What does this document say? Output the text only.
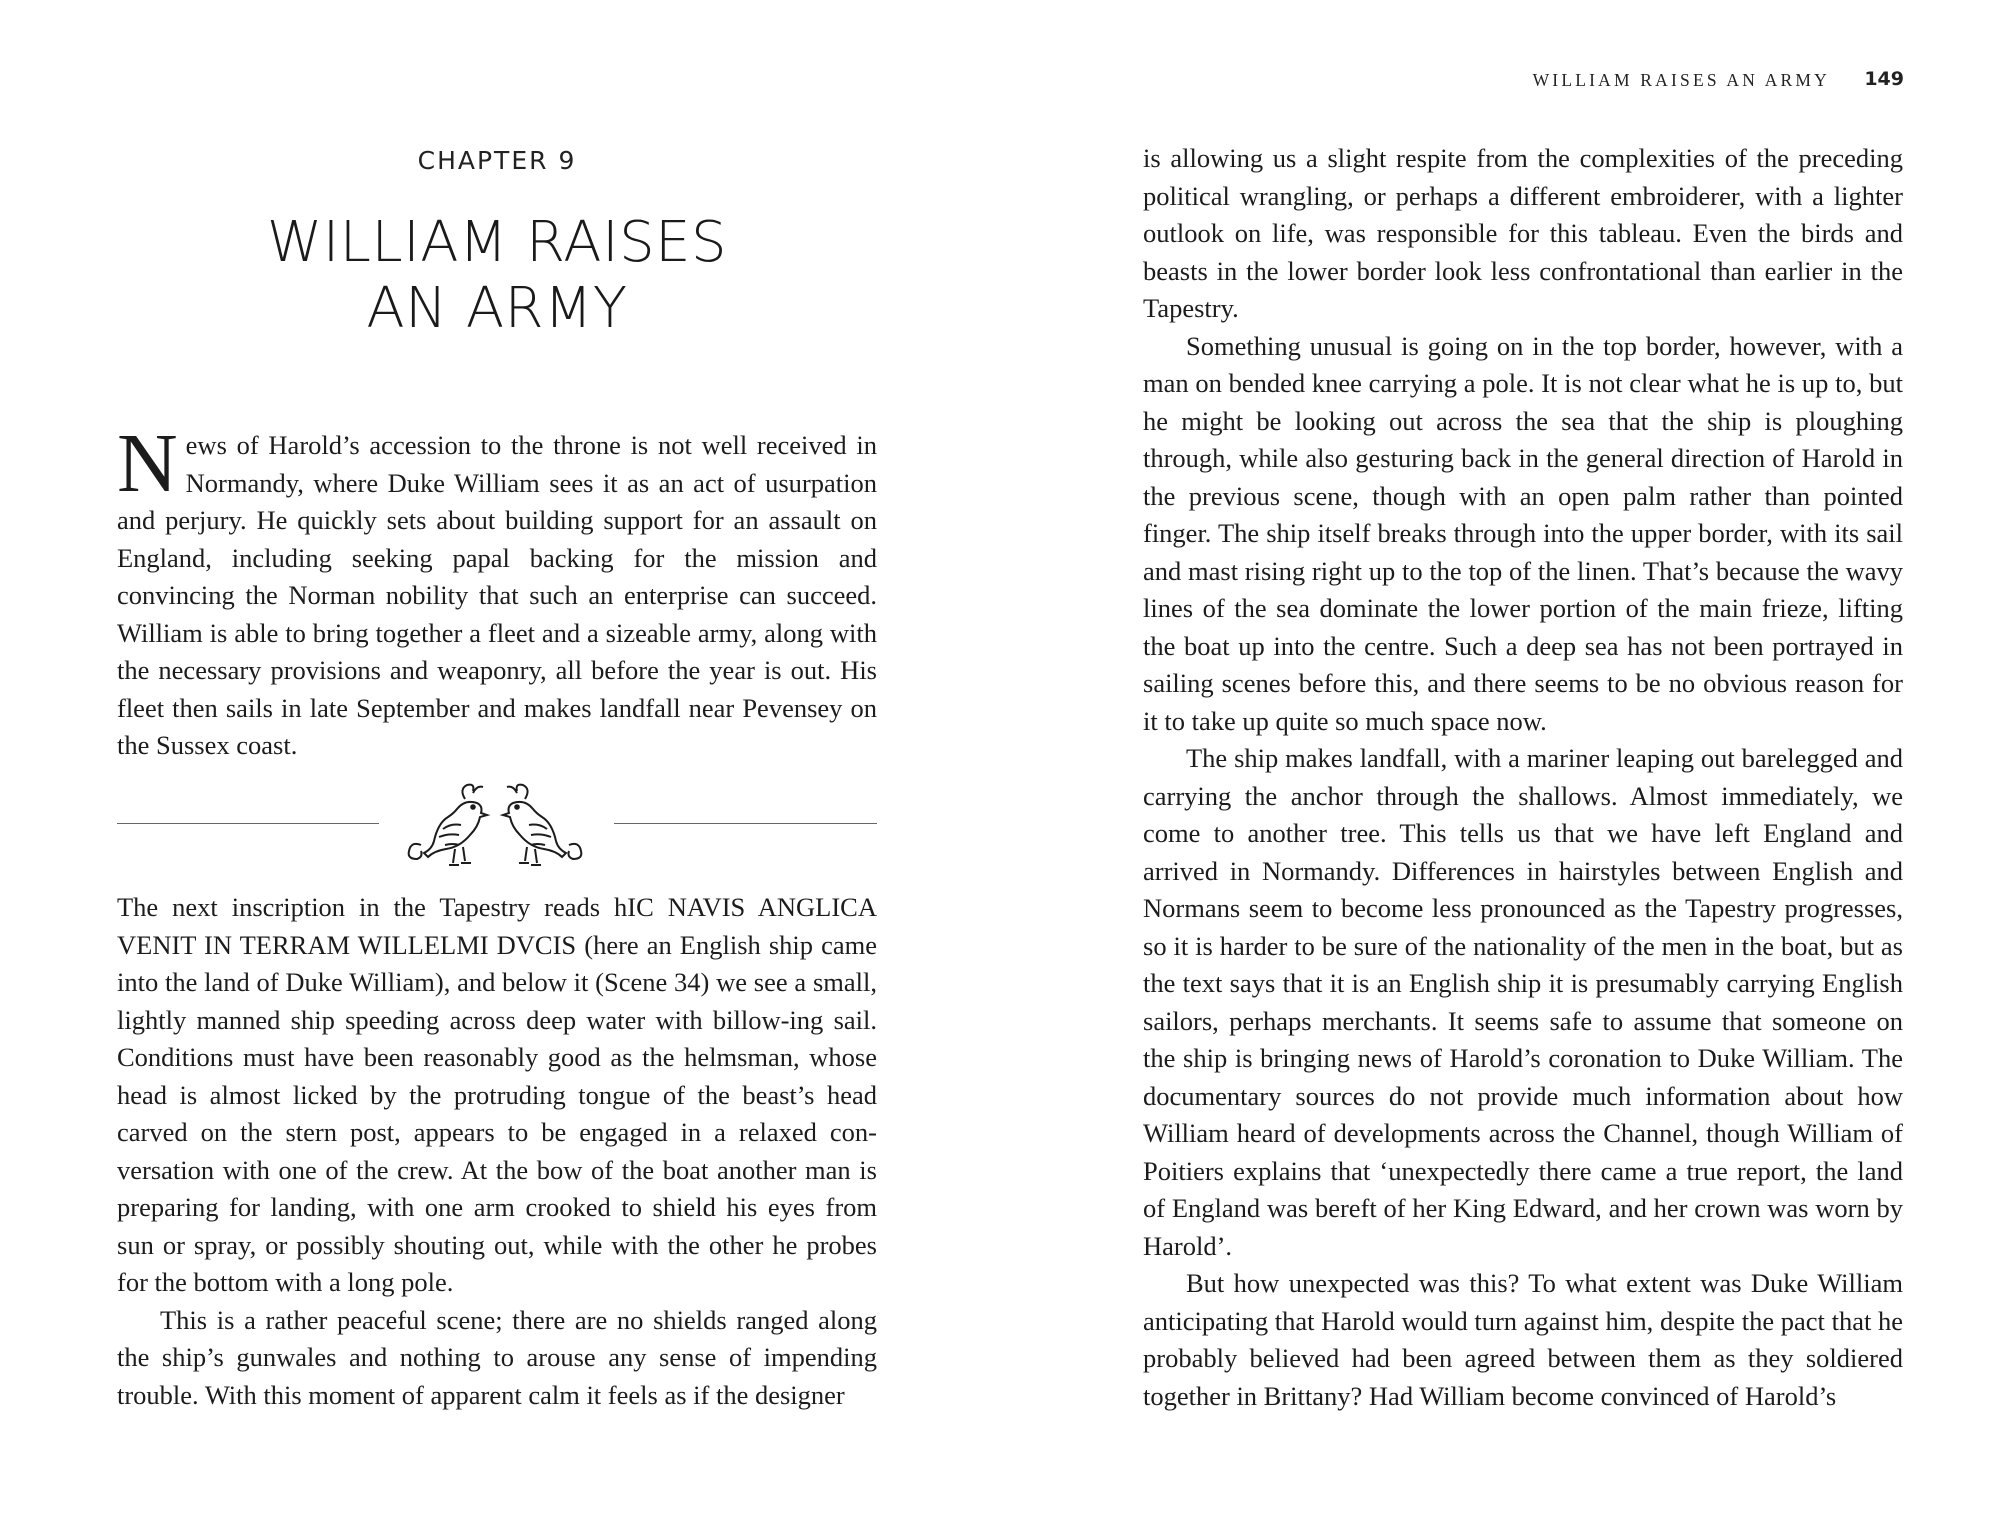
CHAPTER 9
WILLIAM RAISES
AN ARMY

News of Harold’s accession to the throne is not well received in Normandy, where Duke William sees it as an act of usurpation and perjury. He quickly sets about building support for an assault on England, including seeking papal backing for the mission and convincing the Norman nobility that such an enterprise can succeed. William is able to bring together a fleet and a sizeable army, along with the necessary provisions and weaponry, all before the year is out. His fleet then sails in late September and makes landfall near Pevensey on the Sussex coast.

The next inscription in the Tapestry reads hIC NAVIS ANGLICA VENIT IN TERRAM WILLELMI DVCIS (here an English ship came into the land of Duke William), and below it (Scene 34) we see a small, lightly manned ship speeding across deep water with billow-ing sail. Conditions must have been reasonably good as the helmsman, whose head is almost licked by the protruding tongue of the beast’s head carved on the stern post, appears to be engaged in a relaxed con-versation with one of the crew. At the bow of the boat another man is preparing for landing, with one arm crooked to shield his eyes from sun or spray, or possibly shouting out, while with the other he probes for the bottom with a long pole.

This is a rather peaceful scene; there are no shields ranged along the ship’s gunwales and nothing to arouse any sense of impending trouble. With this moment of apparent calm it feels as if the designer

WILLIAM RAISES AN ARMY	149

is allowing us a slight respite from the complexities of the preceding political wrangling, or perhaps a different embroiderer, with a lighter outlook on life, was responsible for this tableau. Even the birds and beasts in the lower border look less confrontational than earlier in the Tapestry.

Something unusual is going on in the top border, however, with a man on bended knee carrying a pole. It is not clear what he is up to, but he might be looking out across the sea that the ship is ploughing through, while also gesturing back in the general direction of Harold in the previous scene, though with an open palm rather than pointed finger. The ship itself breaks through into the upper border, with its sail and mast rising right up to the top of the linen. That’s because the wavy lines of the sea dominate the lower portion of the main frieze, lifting the boat up into the centre. Such a deep sea has not been portrayed in sailing scenes before this, and there seems to be no obvious reason for it to take up quite so much space now.

The ship makes landfall, with a mariner leaping out barelegged and carrying the anchor through the shallows. Almost immediately, we come to another tree. This tells us that we have left England and arrived in Normandy. Differences in hairstyles between English and Normans seem to become less pronounced as the Tapestry progresses, so it is harder to be sure of the nationality of the men in the boat, but as the text says that it is an English ship it is presumably carrying English sailors, perhaps merchants. It seems safe to assume that someone on the ship is bringing news of Harold’s coronation to Duke William. The documentary sources do not provide much information about how William heard of developments across the Channel, though William of Poitiers explains that ‘unexpectedly there came a true report, the land of England was bereft of her King Edward, and her crown was worn by Harold’.

But how unexpected was this? To what extent was Duke William anticipating that Harold would turn against him, despite the pact that he probably believed had been agreed between them as they soldiered together in Brittany? Had William become convinced of Harold’s
